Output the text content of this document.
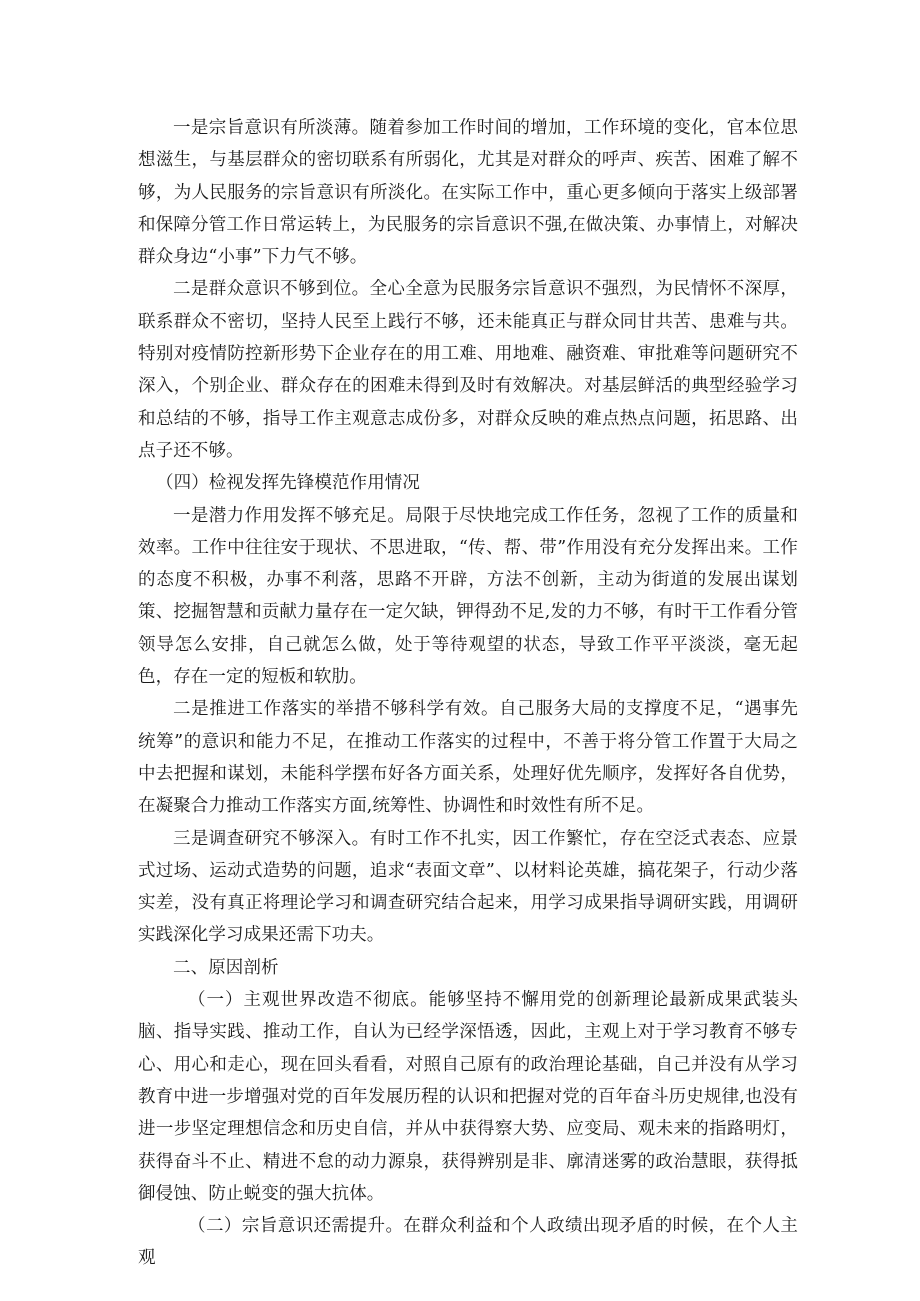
一是宗旨意识有所淡薄。随着参加工作时间的增加，工作环境的变化，官本位思想滋生，与基层群众的密切联系有所弱化，尤其是对群众的呼声、疾苦、困难了解不够，为人民服务的宗旨意识有所淡化。在实际工作中，重心更多倾向于落实上级部署和保障分管工作日常运转上，为民服务的宗旨意识不强,在做决策、办事情上，对解决群众身边“小事”下力气不够。

二是群众意识不够到位。全心全意为民服务宗旨意识不强烈，为民情怀不深厚，联系群众不密切，坚持人民至上践行不够，还未能真正与群众同甘共苦、患难与共。特别对疫情防控新形势下企业存在的用工难、用地难、融资难、审批难等问题研究不深入，个别企业、群众存在的困难未得到及时有效解决。对基层鲜活的典型经验学习和总结的不够，指导工作主观意志成份多，对群众反映的难点热点问题，拓思路、出点子还不够。

（四）检视发挥先锋模范作用情况

一是潜力作用发挥不够充足。局限于尽快地完成工作任务，忽视了工作的质量和效率。工作中往往安于现状、不思进取，“传、帮、带”作用没有充分发挥出来。工作的态度不积极，办事不利落，思路不开辟，方法不创新，主动为街道的发展出谋划策、挖掘智慧和贡献力量存在一定欠缺，钾得劲不足,发的力不够，有时干工作看分管领导怎么安排，自己就怎么做，处于等待观望的状态，导致工作平平淡淡，毫无起色，存在一定的短板和软肋。

二是推进工作落实的举措不够科学有效。自己服务大局的支撑度不足，“遇事先统筹”的意识和能力不足，在推动工作落实的过程中，不善于将分管工作置于大局之中去把握和谋划，未能科学摆布好各方面关系，处理好优先顺序，发挥好各自优势，在凝聚合力推动工作落实方面,统筹性、协调性和时效性有所不足。

三是调查研究不够深入。有时工作不扎实，因工作繁忙，存在空泛式表态、应景式过场、运动式造势的问题，追求“表面文章”、以材料论英雄，搞花架子，行动少落实差，没有真正将理论学习和调查研究结合起来，用学习成果指导调研实践，用调研实践深化学习成果还需下功夫。

二、原因剖析

（一）主观世界改造不彻底。能够坚持不懈用党的创新理论最新成果武装头脑、指导实践、推动工作，自认为已经学深悟透，因此，主观上对于学习教育不够专心、用心和走心，现在回头看看，对照自己原有的政治理论基础，自己并没有从学习教育中进一步增强对党的百年发展历程的认识和把握对党的百年奋斗历史规律,也没有进一步坚定理想信念和历史自信，并从中获得察大势、应变局、观未来的指路明灯，获得奋斗不止、精进不怠的动力源泉，获得辨别是非、廓清迷雾的政治慧眼，获得抵御侵蚀、防止蜕变的强大抗体。

（二）宗旨意识还需提升。在群众利益和个人政绩出现矛盾的时候，在个人主观
